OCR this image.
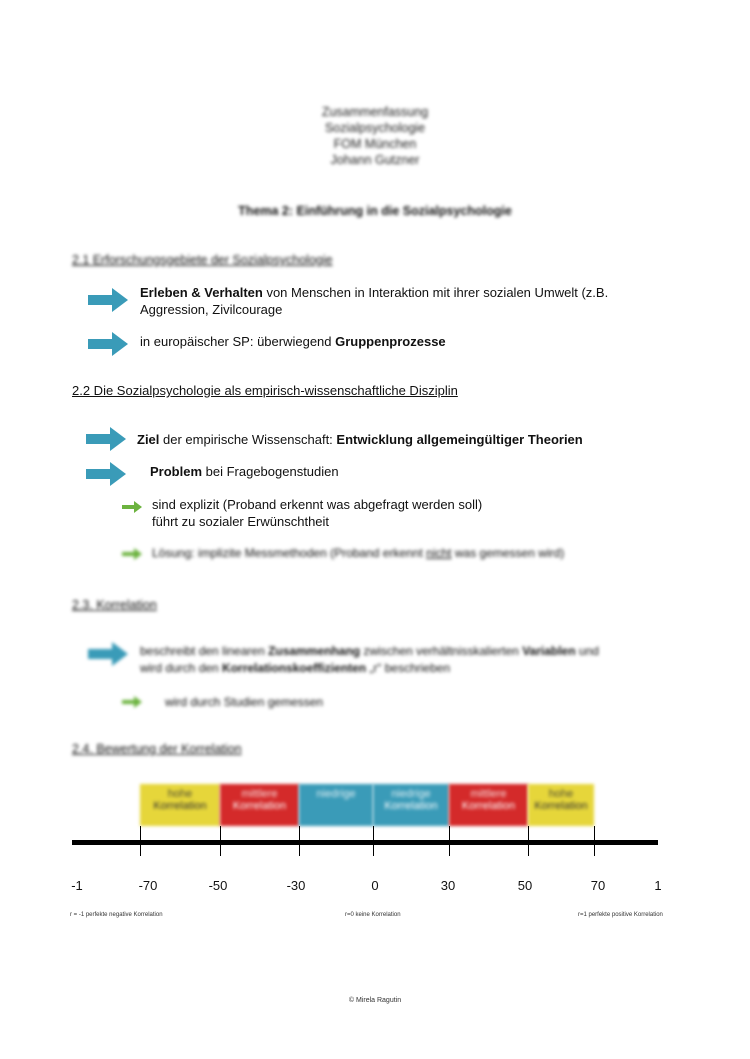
Zusammenfassung
Sozialpsychologie
FOM München
Johann Gutzner
Thema 2: Einführung in die Sozialpsychologie
2.1 Erforschungsgebiete der Sozialpsychologie
Erleben & Verhalten von Menschen in Interaktion mit ihrer sozialen Umwelt (z.B.
Aggression, Zivilcourage
in europäischer SP: überwiegend Gruppenprozesse
2.2 Die Sozialpsychologie als empirisch-wissenschaftliche Disziplin
Ziel der empirische Wissenschaft: Entwicklung allgemeingültiger Theorien
Problem bei Fragebogenstudien
sind explizit (Proband erkennt was abgefragt werden soll)
führt zu sozialer Erwünschtheit
Lösung: implizite Messmethoden (Proband erkennt nicht was gemessen wird)
2.3. Korrelation
beschreibt den linearen Zusammenhang zwischen verhältnisskalierten Variablen und
wird durch den Korrelationskoeffizienten „r“ beschrieben
wird durch Studien gemessen
2.4. Bewertung der Korrelation
hohe
Korrelation
mittlere
Korrelation
niedrige	niedrige
Korrelation
mittlere
Korrelation
hohe
Korrelation
-1	-70	-50	-30	0	30	50	70	1
r = -1 perfekte negative Korrelation	r=0 keine Korrelation	r=1 perfekte positive Korrelation
© Mirela Ragutin
